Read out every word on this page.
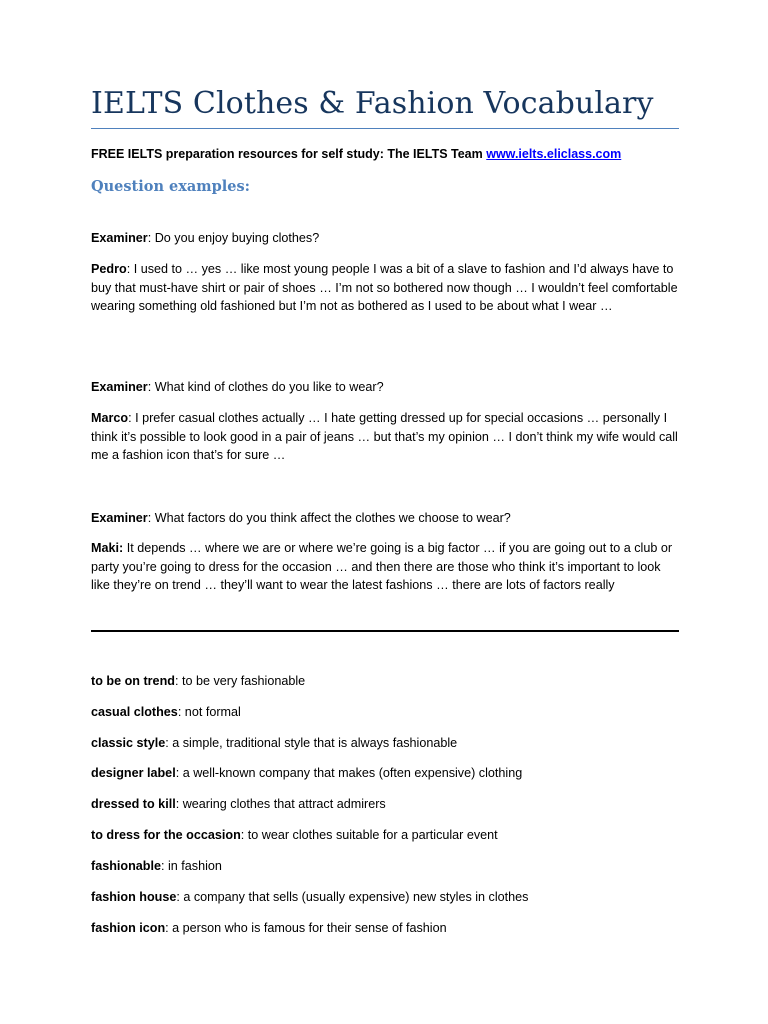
IELTS Clothes & Fashion Vocabulary
FREE IELTS preparation resources for self study: The IELTS Team www.ielts.eliclass.com
Question examples:
Examiner: Do you enjoy buying clothes?
Pedro: I used to … yes … like most young people I was a bit of a slave to fashion and I’d always have to buy that must-have shirt or pair of shoes … I’m not so bothered now though … I wouldn’t feel comfortable wearing something old fashioned but I’m not as bothered as I used to be about what I wear …
Examiner: What kind of clothes do you like to wear?
Marco: I prefer casual clothes actually … I hate getting dressed up for special occasions … personally I think it’s possible to look good in a pair of jeans … but that’s my opinion … I don’t think my wife would call me a fashion icon that’s for sure …
Examiner: What factors do you think affect the clothes we choose to wear?
Maki: It depends … where we are or where we’re going is a big factor … if you are going out to a club or party you’re going to dress for the occasion … and then there are those who think it’s important to look like they’re on trend … they’ll want to wear the latest fashions … there are lots of factors really
to be on trend: to be very fashionable
casual clothes: not formal
classic style: a simple, traditional style that is always fashionable
designer label: a well-known company that makes (often expensive) clothing
dressed to kill: wearing clothes that attract admirers
to dress for the occasion: to wear clothes suitable for a particular event
fashionable: in fashion
fashion house: a company that sells (usually expensive) new styles in clothes
fashion icon: a person who is famous for their sense of fashion
